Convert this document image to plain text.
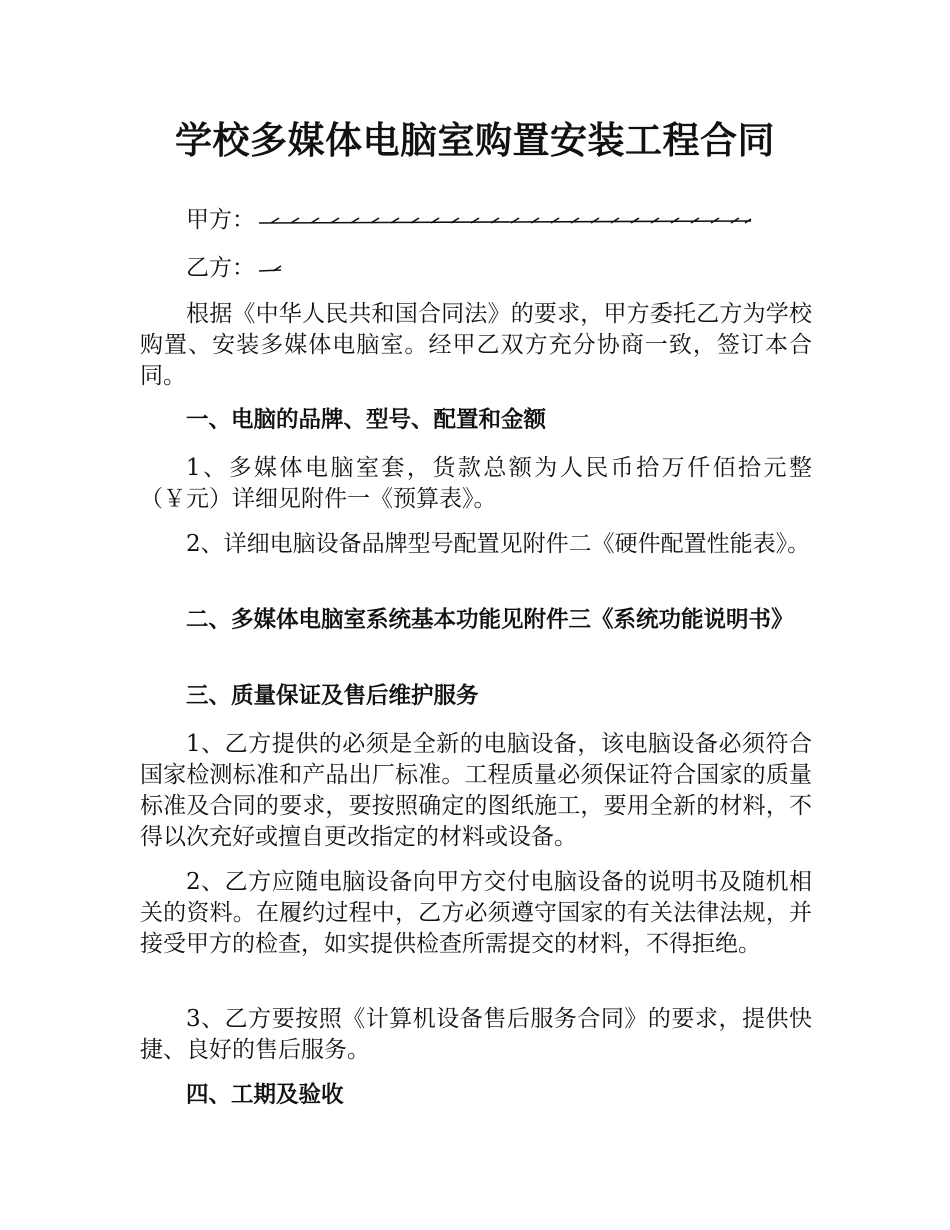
学校多媒体电脑室购置安装工程合同

甲方：

乙方：

根据《中华人民共和国合同法》的要求，甲方委托乙方为学校购置、安装多媒体电脑室。经甲乙双方充分协商一致，签订本合同。

一、电脑的品牌、型号、配置和金额

1、多媒体电脑室套，货款总额为人民币拾万仟佰拾元整（￥元）详细见附件一《预算表》。

2、详细电脑设备品牌型号配置见附件二《硬件配置性能表》。

二、多媒体电脑室系统基本功能见附件三《系统功能说明书》

三、质量保证及售后维护服务

1、乙方提供的必须是全新的电脑设备，该电脑设备必须符合国家检测标准和产品出厂标准。工程质量必须保证符合国家的质量标准及合同的要求，要按照确定的图纸施工，要用全新的材料，不得以次充好或擅自更改指定的材料或设备。

2、乙方应随电脑设备向甲方交付电脑设备的说明书及随机相关的资料。在履约过程中，乙方必须遵守国家的有关法律法规，并接受甲方的检查，如实提供检查所需提交的材料，不得拒绝。

3、乙方要按照《计算机设备售后服务合同》的要求，提供快捷、良好的售后服务。

四、工期及验收
